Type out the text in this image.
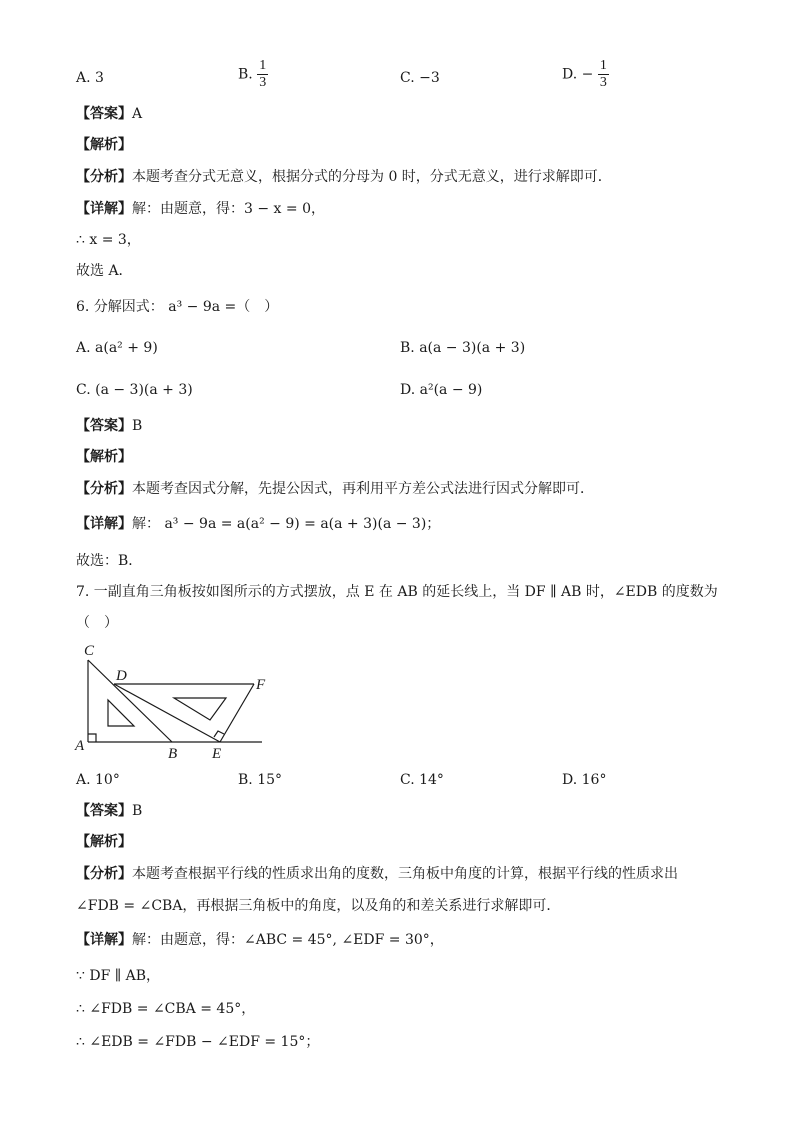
A. 3	B. $\frac{1}{3}$	C. −3	D. − $\frac{1}{3}$
【答案】A
【解析】
【分析】本题考查分式无意义，根据分式的分母为 0 时，分式无意义，进行求解即可．
【详解】解：由题意，得：3 − x = 0，
∴ x = 3，
故选 A．
6. 分解因式： a³ − 9a =（　）
A. a(a² + 9)	B. a(a − 3)(a + 3)
C. (a − 3)(a + 3)	D. a²(a − 9)
【答案】B
【解析】
【分析】本题考查因式分解，先提公因式，再利用平方差公式法进行因式分解即可．
【详解】解： a³ − 9a = a(a² − 9) = a(a + 3)(a − 3)；
故选：B．
7. 一副直角三角板按如图所示的方式摆放，点 E 在 AB 的延长线上，当 DF ∥ AB 时，∠EDB 的度数为
（　）
C
D
F
A	B E
A. 10°	B. 15°	C. 14°	D. 16°
【答案】B
【解析】
【分析】本题考查根据平行线的性质求出角的度数，三角板中角度的计算，根据平行线的性质求出
∠FDB = ∠CBA，再根据三角板中的角度，以及角的和差关系进行求解即可．
【详解】解：由题意，得：∠ABC = 45°, ∠EDF = 30°，
∵ DF ∥ AB，
∴ ∠FDB = ∠CBA = 45°，
∴ ∠EDB = ∠FDB − ∠EDF = 15°；
